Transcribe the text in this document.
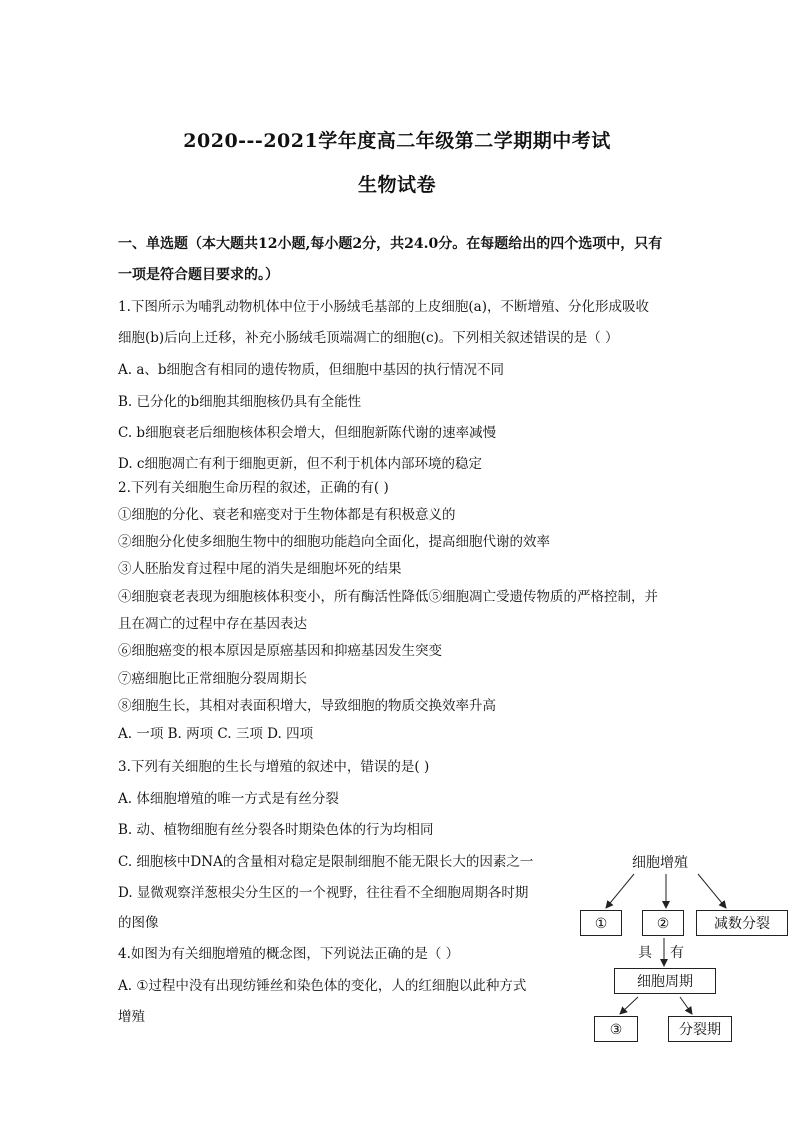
2020---2021学年度高二年级第二学期期中考试
生物试卷
一、单选题（本大题共12小题,每小题2分，共24.0分。在每题给出的四个选项中，只有
一项是符合题目要求的。）
1.下图所示为哺乳动物机体中位于小肠绒毛基部的上皮细胞(a)，不断增殖、分化形成吸收
细胞(b)后向上迁移，补充小肠绒毛顶端凋亡的细胞(c)。下列相关叙述错误的是（ ）
A. a、b细胞含有相同的遗传物质，但细胞中基因的执行情况不同
B. 已分化的b细胞其细胞核仍具有全能性
C. b细胞衰老后细胞核体积会增大，但细胞新陈代谢的速率减慢
D. c细胞凋亡有利于细胞更新，但不利于机体内部环境的稳定
2.下列有关细胞生命历程的叙述，正确的有( )
①细胞的分化、衰老和癌变对于生物体都是有积极意义的
②细胞分化使多细胞生物中的细胞功能趋向全面化，提高细胞代谢的效率
③人胚胎发育过程中尾的消失是细胞坏死的结果
④细胞衰老表现为细胞核体积变小，所有酶活性降低⑤细胞凋亡受遗传物质的严格控制，并
且在凋亡的过程中存在基因表达
⑥细胞癌变的根本原因是原癌基因和抑癌基因发生突变
⑦癌细胞比正常细胞分裂周期长
⑧细胞生长，其相对表面积增大，导致细胞的物质交换效率升高
A. 一项 B. 两项 C. 三项 D. 四项
3.下列有关细胞的生长与增殖的叙述中，错误的是( )
A. 体细胞增殖的唯一方式是有丝分裂
B. 动、植物细胞有丝分裂各时期染色体的行为均相同
C. 细胞核中DNA的含量相对稳定是限制细胞不能无限长大的因素之一
D. 显微观察洋葱根尖分生区的一个视野，往往看不全细胞周期各时期
的图像
4.如图为有关细胞增殖的概念图，下列说法正确的是（ ）
A. ①过程中没有出现纺锤丝和染色体的变化，人的红细胞以此种方式
增殖
细胞增殖
①	②	减数分裂
具 有
细胞周期
③	分裂期
